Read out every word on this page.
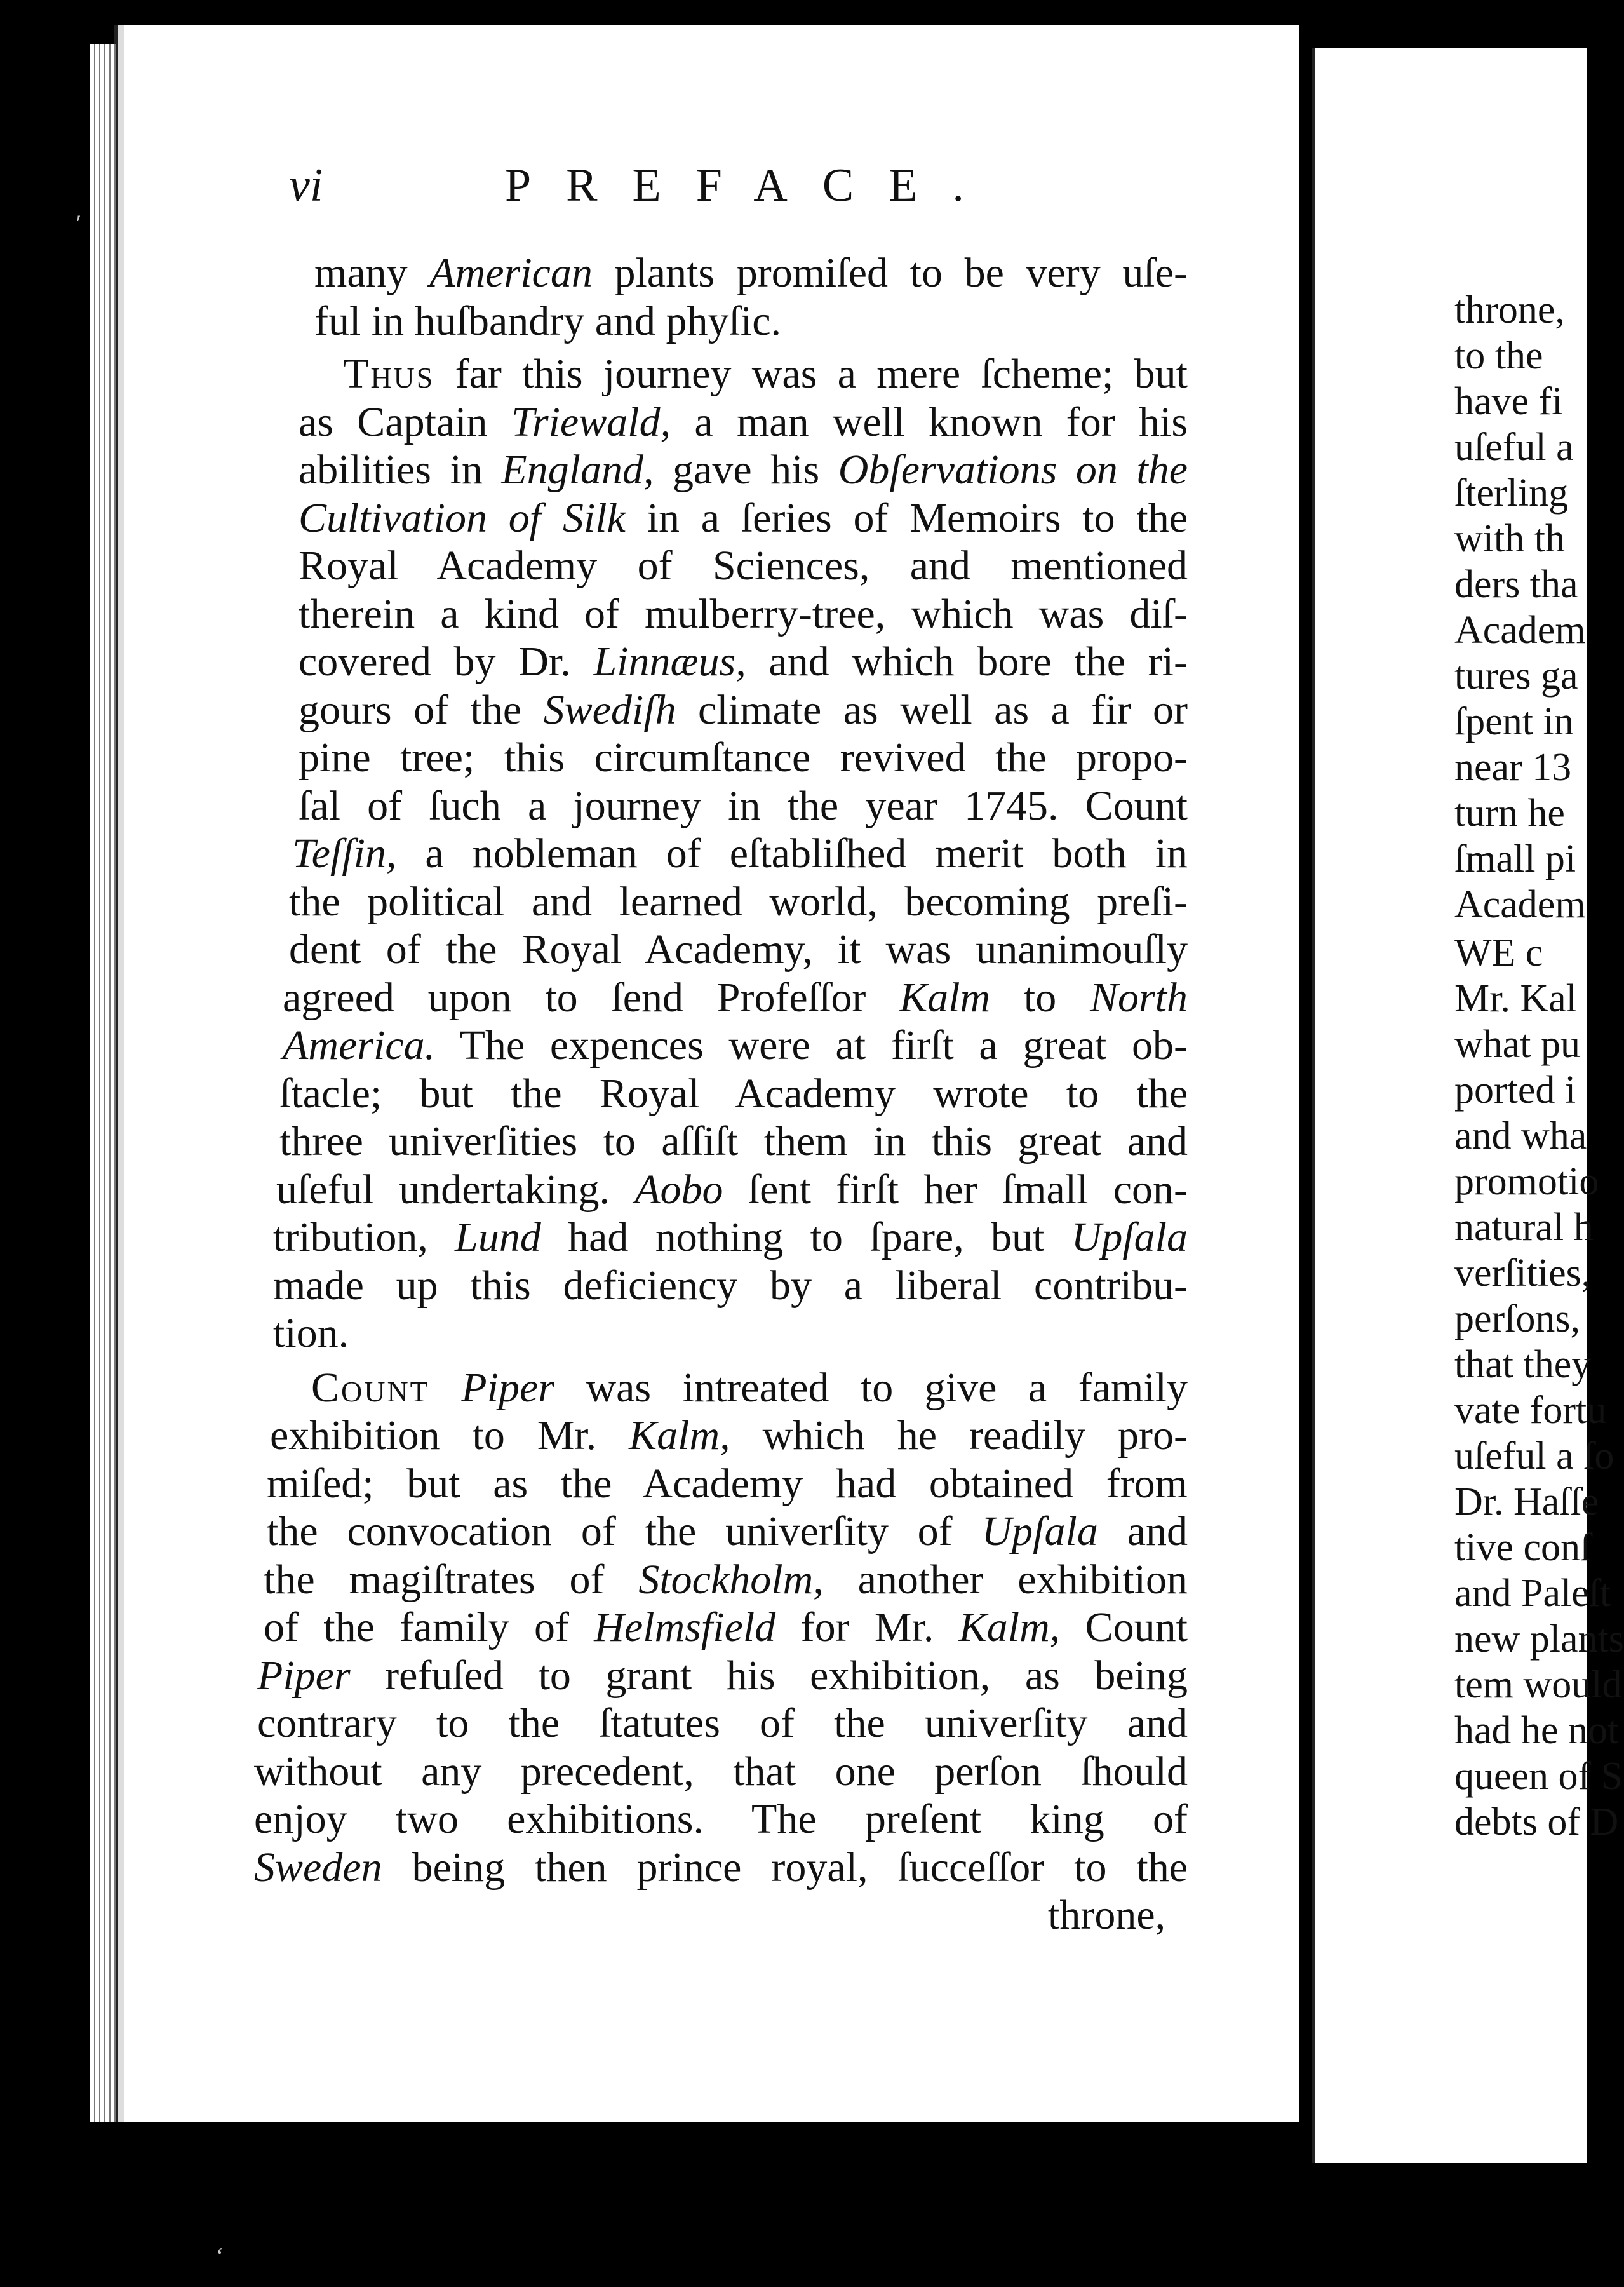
vi	PREFACE.
many American plants promiſed to be very uſe-
ful in huſbandry and phyſic.
Thus far this journey was a mere ſcheme; but
as Captain Triewald, a man well known for his
abilities in England, gave his Obſervations on the
Cultivation of Silk in a ſeries of Memoirs to the
Royal Academy of Sciences, and mentioned
therein a kind of mulberry-tree, which was diſ-
covered by Dr. Linnæus, and which bore the ri-
gours of the Swediſh climate as well as a fir or
pine tree; this circumſtance revived the propo-
ſal of ſuch a journey in the year 1745. Count
Teſſin, a nobleman of eſtabliſhed merit both in
the political and learned world, becoming preſi-
dent of the Royal Academy, it was unanimouſly
agreed upon to ſend Profeſſor Kalm to North
America. The expences were at firſt a great ob-
ſtacle; but the Royal Academy wrote to the
three univerſities to aſſiſt them in this great and
uſeful undertaking. Aobo ſent firſt her ſmall con-
tribution, Lund had nothing to ſpare, but Upſala
made up this deficiency by a liberal contribu-
tion.
Count Piper was intreated to give a family
exhibition to Mr. Kalm, which he readily pro-
miſed; but as the Academy had obtained from
the convocation of the univerſity of Upſala and
the magiſtrates of Stockholm, another exhibition
of the family of Helmsfield for Mr. Kalm, Count
Piper refuſed to grant his exhibition, as being
contrary to the ſtatutes of the univerſity and
without any precedent, that one perſon ſhould
enjoy two exhibitions. The preſent king of
Sweden being then prince royal, ſucceſſor to the
throne,
throne,
to the
have fi
uſeful a
ſterling
with th
ders tha
Academ
tures ga
ſpent in
near 13
turn he
ſmall pi
Academ
WE c
Mr. Kal
what pu
ported i
and wha
promotio
natural h
verſities,
perſons,
that they
vate fortu
uſeful a ſo
Dr. Haſſe
tive conſ
and Paleſt
new plants
tem would
had he not
queen of S
debts of D
′
ʻ
